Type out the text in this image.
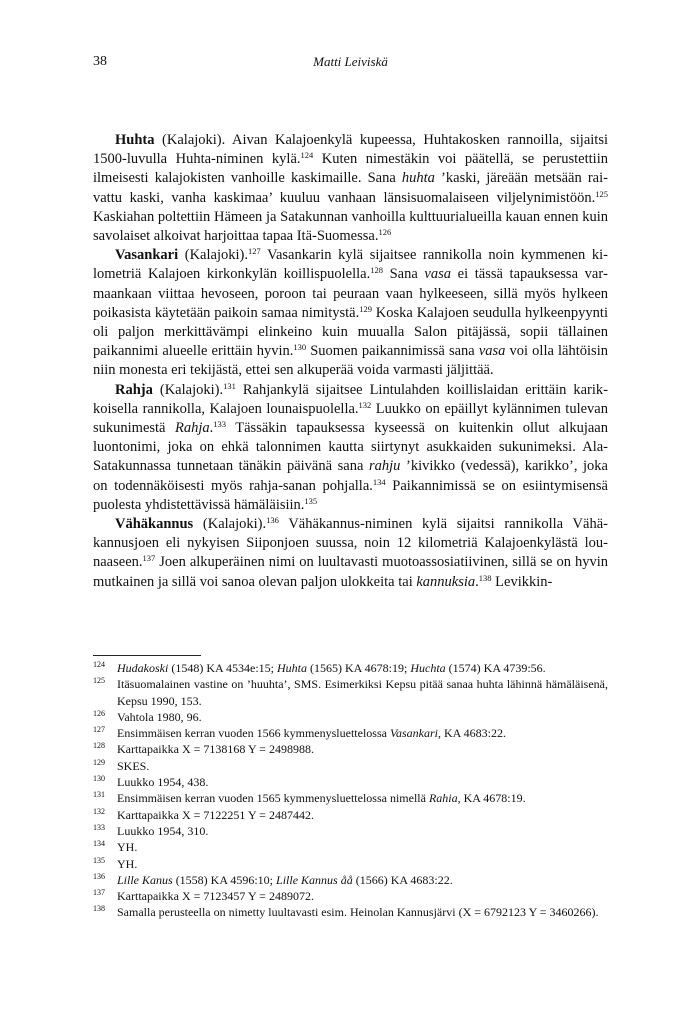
38	Matti Leiviskä

Huhta (Kalajoki). Aivan Kalajoenkylä kupeessa, Huhtakosken rannoilla, sijaitsi 1500-luvulla Huhta-niminen kylä.$^{124}$ Kuten nimestäkin voi päätellä, se perustettiin ilmeisesti kalajokisten vanhoille kaskimaille. Sana huhta ’kaski, järeään metsään raivattu kaski, vanha kaskimaa’ kuuluu vanhaan länsisuomalaiseen viljelynimistöön.$^{125}$ Kaskiahan poltettiin Hämeen ja Satakunnan vanhoilla kulttuurialueilla kauan ennen kuin savolaiset alkoivat harjoittaa tapaa Itä-Suomessa.$^{126}$

Vasankari (Kalajoki).$^{127}$ Vasankarin kylä sijaitsee rannikolla noin kymmenen kilometriä Kalajoen kirkonkylän koillispuolella.$^{128}$ Sana vasa ei tässä tapauksessa varmaankaan viittaa hevoseen, poroon tai peuraan vaan hylkeeseen, sillä myös hylkeen poikasista käytetään paikoin samaa nimitystä.$^{129}$ Koska Kalajoen seudulla hylkeenpyynti oli paljon merkittävämpi elinkeino kuin muualla Salon pitäjässä, sopii tällainen paikannimi alueelle erittäin hyvin.$^{130}$ Suomen paikannimissä sana vasa voi olla lähtöisin niin monesta eri tekijästä, ettei sen alkuperää voida varmasti jäljittää.

Rahja (Kalajoki).$^{131}$ Rahjankylä sijaitsee Lintulahden koillislaidan erittäin karikkoisella rannikolla, Kalajoen lounaispuolella.$^{132}$ Luukko on epäillyt kylännimen tulevan sukunimestä Rahja.$^{133}$ Tässäkin tapauksessa kyseessä on kuitenkin ollut alkujaan luontonimi, joka on ehkä talonnimen kautta siirtynyt asukkaiden sukunimeksi. Ala-Satakunnassa tunnetaan tänäkin päivänä sana rahju ’kivikko (vedessä), karikko’, joka on todennäköisesti myös rahja-sanan pohjalla.$^{134}$ Paikannimissä se on esiintymisensä puolesta yhdistettävissä hämäläisiin.$^{135}$

Vähäkannus (Kalajoki).$^{136}$ Vähäkannus-niminen kylä sijaitsi rannikolla Vähäkannusjoen eli nykyisen Siiponjoen suussa, noin 12 kilometriä Kalajoenkylästä lounaaseen.$^{137}$ Joen alkuperäinen nimi on luultavasti muotoassosiatiivinen, sillä se on hyvin mutkainen ja sillä voi sanoa olevan paljon ulokkeita tai kannuksia.$^{138}$ Levikkin-

124 Hudakoski (1548) KA 4534e:15; Huhta (1565) KA 4678:19; Huchta (1574) KA 4739:56.
125 Itäsuomalainen vastine on ’huuhta’, SMS. Esimerkiksi Kepsu pitää sanaa huhta lähinnä hämäläisenä, Kepsu 1990, 153.
126 Vahtola 1980, 96.
127 Ensimmäisen kerran vuoden 1566 kymmenysluettelossa Vasankari, KA 4683:22.
128 Karttapaikka X = 7138168 Y = 2498988.
129 SKES.
130 Luukko 1954, 438.
131 Ensimmäisen kerran vuoden 1565 kymmenysluettelossa nimellä Rahia, KA 4678:19.
132 Karttapaikka X = 7122251 Y = 2487442.
133 Luukko 1954, 310.
134 YH.
135 YH.
136 Lille Kanus (1558) KA 4596:10; Lille Kannus åå (1566) KA 4683:22.
137 Karttapaikka X = 7123457 Y = 2489072.
138 Samalla perusteella on nimetty luultavasti esim. Heinolan Kannusjärvi (X = 6792123 Y = 3460266).
